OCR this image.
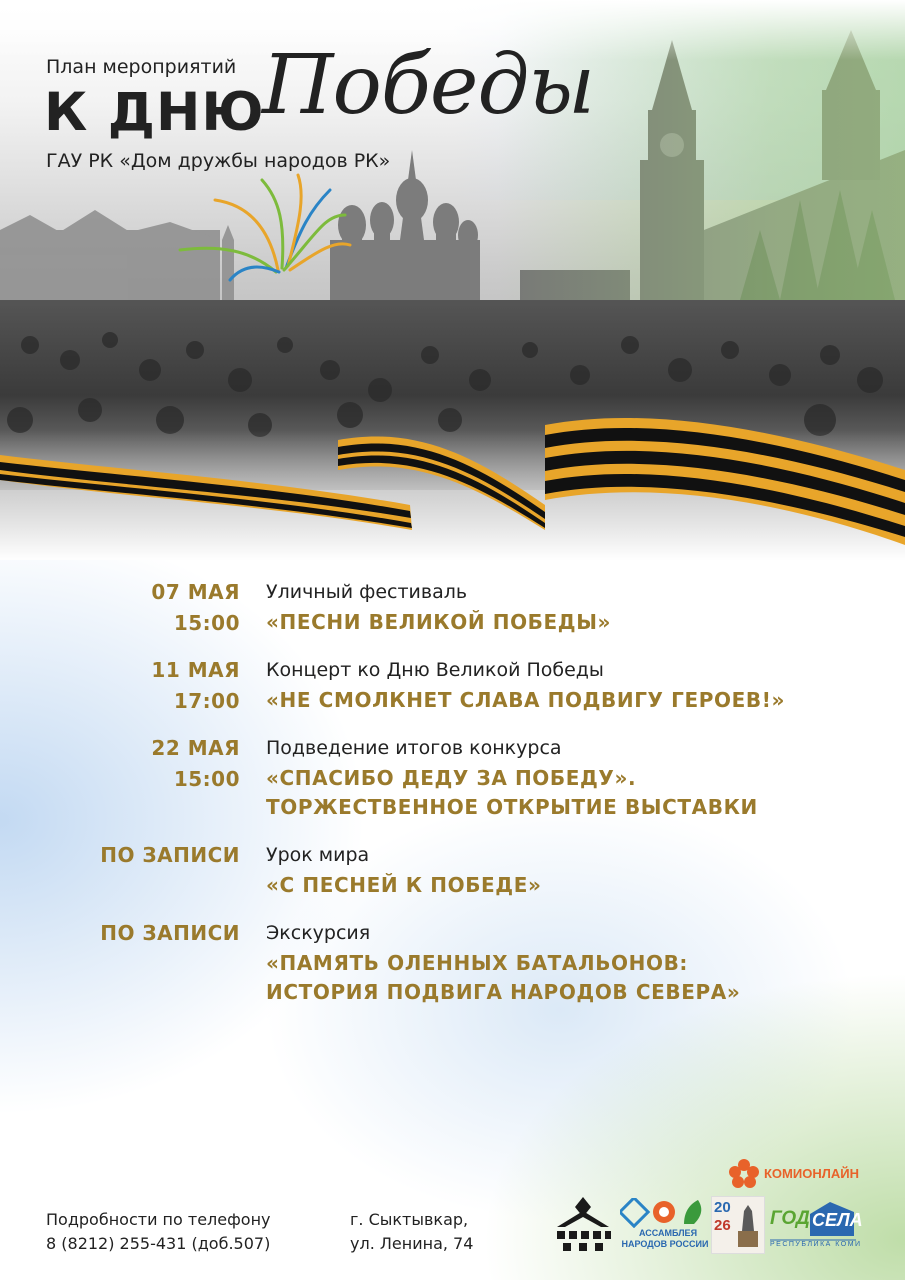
План мероприятий
К ДНЮ
Победы
ГАУ РК «Дом дружбы народов РК»
07 МАЯ
15:00
Уличный фестиваль
«ПЕСНИ ВЕЛИКОЙ ПОБЕДЫ»
11 МАЯ
17:00
Концерт ко Дню Великой Победы
«НЕ СМОЛКНЕТ СЛАВА ПОДВИГУ ГЕРОЕВ!»
22 МАЯ
15:00
Подведение итогов конкурса
«СПАСИБО ДЕДУ ЗА ПОБЕДУ».
ТОРЖЕСТВЕННОЕ ОТКРЫТИЕ ВЫСТАВКИ
ПО ЗАПИСИ Урок мира
«С ПЕСНЕЙ К ПОБЕДЕ»
ПО ЗАПИСИ Экскурсия
«ПАМЯТЬ ОЛЕННЫХ БАТАЛЬОНОВ:
ИСТОРИЯ ПОДВИГА НАРОДОВ СЕВЕРА»
Подробности по телефону
8 (8212) 255-431 (доб.507)
г. Сыктывкар,
ул. Ленина, 74
КОМИОНЛАЙН
АССАМБЛЕЯ
НАРОДОВ РОССИИ
20
26 ГОД СЕЛА
РЕСПУБЛИКА КОМИ
